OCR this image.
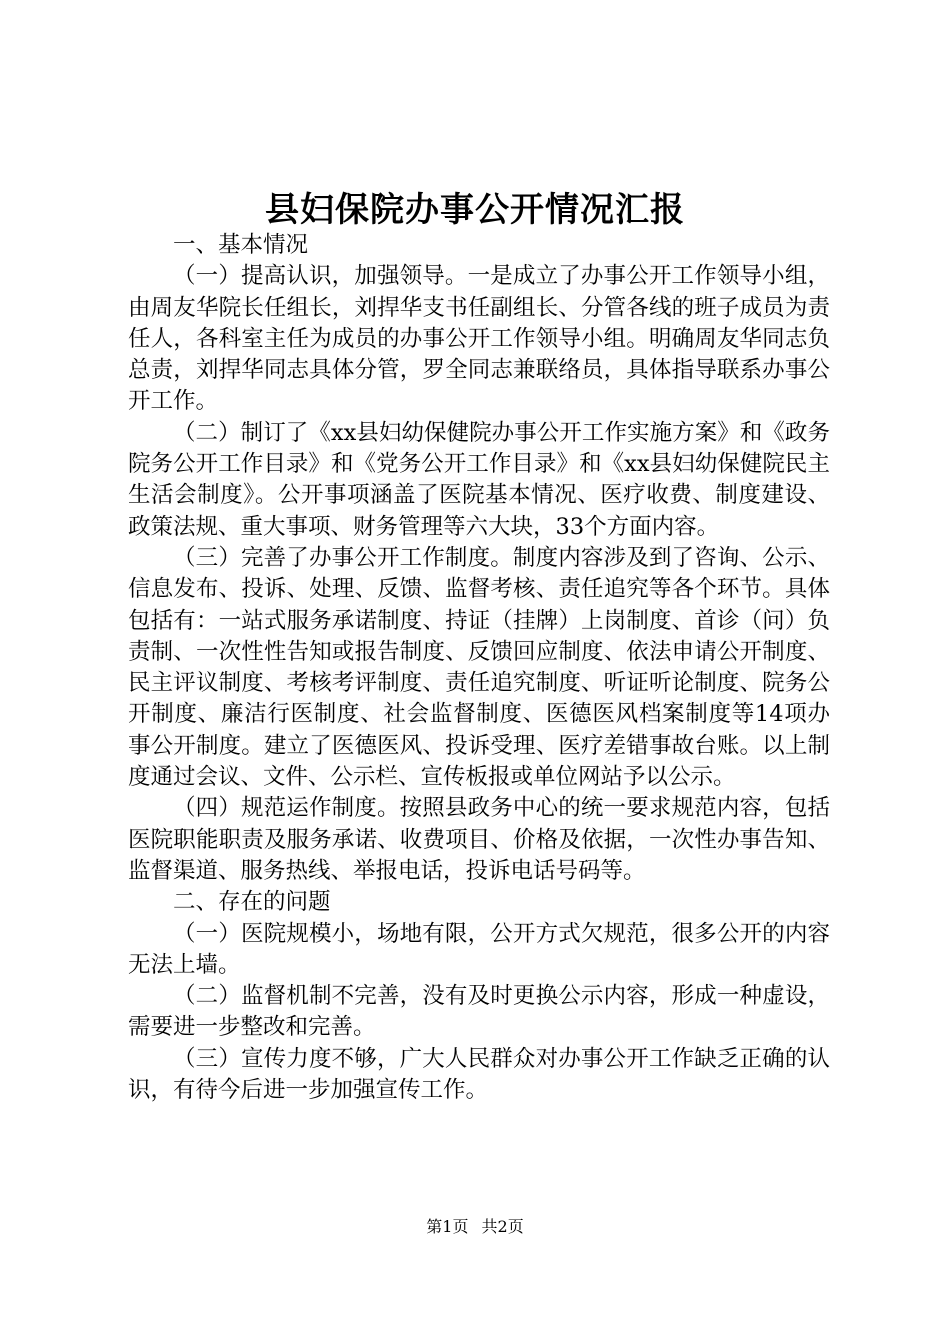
县妇保院办事公开情况汇报

一、基本情况

（一）提高认识，加强领导。一是成立了办事公开工作领导小组，由周友华院长任组长，刘捍华支书任副组长、分管各线的班子成员为责任人，各科室主任为成员的办事公开工作领导小组。明确周友华同志负总责，刘捍华同志具体分管，罗全同志兼联络员，具体指导联系办事公开工作。

（二）制订了《xx县妇幼保健院办事公开工作实施方案》和《政务院务公开工作目录》和《党务公开工作目录》和《xx县妇幼保健院民主生活会制度》。公开事项涵盖了医院基本情况、医疗收费、制度建设、政策法规、重大事项、财务管理等六大块，33个方面内容。

（三）完善了办事公开工作制度。制度内容涉及到了咨询、公示、信息发布、投诉、处理、反馈、监督考核、责任追究等各个环节。具体包括有：一站式服务承诺制度、持证（挂牌）上岗制度、首诊（问）负责制、一次性性告知或报告制度、反馈回应制度、依法申请公开制度、民主评议制度、考核考评制度、责任追究制度、听证听论制度、院务公开制度、廉洁行医制度、社会监督制度、医德医风档案制度等14项办事公开制度。建立了医德医风、投诉受理、医疗差错事故台账。以上制度通过会议、文件、公示栏、宣传板报或单位网站予以公示。

（四）规范运作制度。按照县政务中心的统一要求规范内容，包括医院职能职责及服务承诺、收费项目、价格及依据，一次性办事告知、监督渠道、服务热线、举报电话，投诉电话号码等。

二、存在的问题

（一）医院规模小，场地有限，公开方式欠规范，很多公开的内容无法上墙。

（二）监督机制不完善，没有及时更换公示内容，形成一种虚设，需要进一步整改和完善。

（三）宣传力度不够，广大人民群众对办事公开工作缺乏正确的认识，有待今后进一步加强宣传工作。

第1页 共2页
